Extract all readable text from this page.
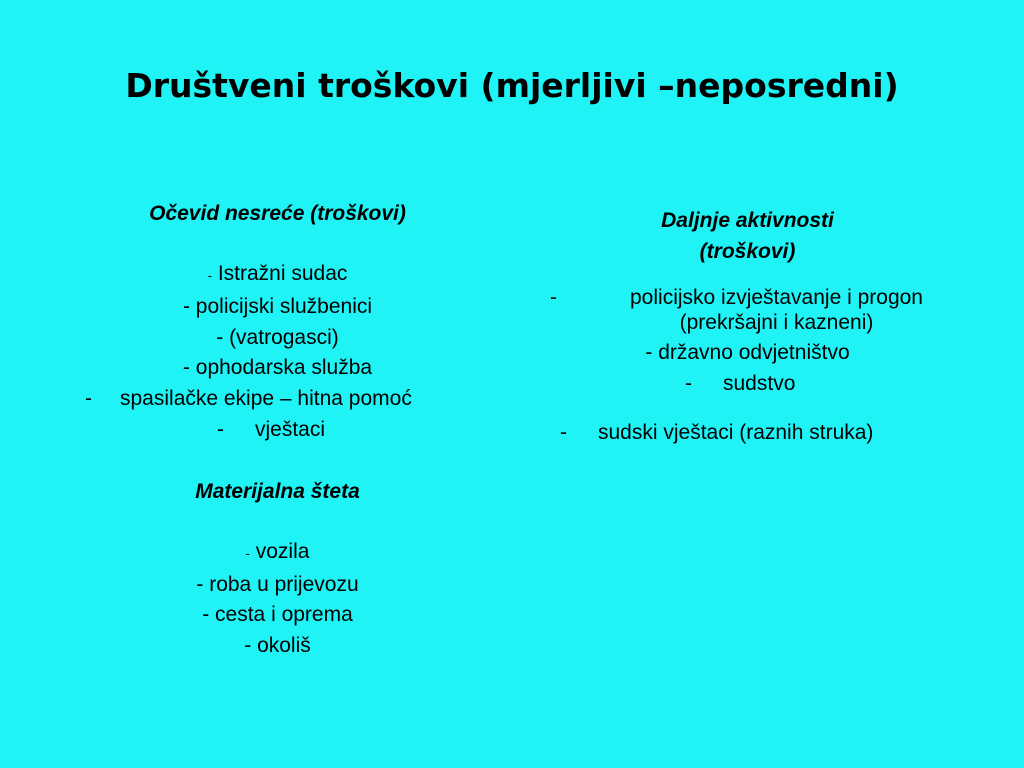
Društveni troškovi (mjerljivi –neposredni)
Očevid nesreće (troškovi)
- Istražni sudac
- policijski službenici
- (vatrogasci)
- ophodarska služba
- spasilačke ekipe – hitna pomoć
- vještaci
Materijalna šteta
- vozila
- roba u prijevozu
- cesta i oprema
- okoliš
Daljnje aktivnosti
(troškovi)
-	policijsko izvještavanje i progon (prekršajni i kazneni)
- državno odvjetništvo
- sudstvo
- sudski vještaci (raznih struka)
